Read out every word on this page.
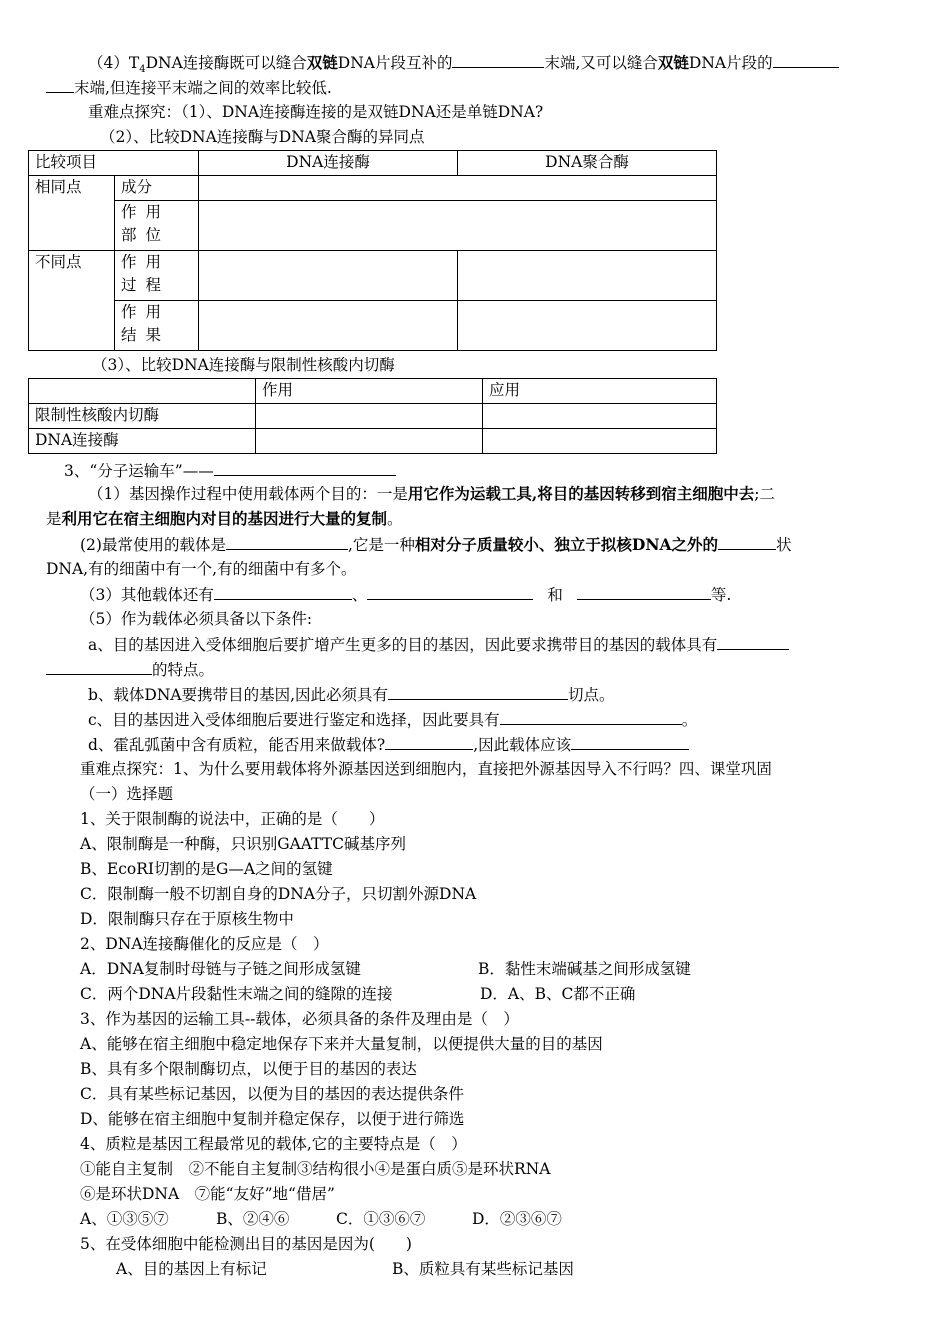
$(4)T_4DNA$连接酶既可以缝合双链DNA片段互补的	末端,又可以缝合双链DNA片段的
末端,但连接平末端之间的效率比较低.
重难点探究：（1）、DNA连接酶连接的是双链DNA还是单链DNA?
（2）、比较DNA连接酶与DNA聚合酶的异同点
比较项目		DNA连接酶	DNA聚合酶
相同点	成分		
	作用部位		
不同点	作用过程		
	作用结果		
（3）、比较DNA连接酶与限制性核酸内切酶
	作用	应用
限制性核酸内切酶		
DNA连接酶		
3、“分子运输车”——
（1）基因操作过程中使用载体两个目的：一是用它作为运载工具,将目的基因转移到宿主细胞中去;二
是利用它在宿主细胞内对目的基因进行大量的复制。
(2)最常使用的载体是	,它是一种相对分子质量较小、独立于拟核DNA之外的	状
DNA,有的细菌中有一个,有的细菌中有多个。
（3）其他载体还有	、	和	等.
（5）作为载体必须具备以下条件:
a、目的基因进入受体细胞后要扩增产生更多的目的基因，因此要求携带目的基因的载体具有
的特点。
b、载体DNA要携带目的基因,因此必须具有	切点。
c、目的基因进入受体细胞后要进行鉴定和选择，因此要具有	。
d、霍乱弧菌中含有质粒，能否用来做载体?	,因此载体应该
重难点探究：1、为什么要用载体将外源基因送到细胞内，直接把外源基因导入不行吗？四、课堂巩固
（一）选择题
1、关于限制酶的说法中，正确的是（　　）
A、限制酶是一种酶，只识别GAATTC碱基序列
B、EcoRI切割的是G—A之间的氢键
C．限制酶一般不切割自身的DNA分子，只切割外源DNA
D．限制酶只存在于原核生物中
2、DNA连接酶催化的反应是（　）
A．DNA复制时母链与子链之间形成氢键	B．黏性末端碱基之间形成氢键
C．两个DNA片段黏性末端之间的缝隙的连接	D．A、B、C都不正确
3、作为基因的运输工具--载体，必须具备的条件及理由是（　）
A、能够在宿主细胞中稳定地保存下来并大量复制，以便提供大量的目的基因
B、具有多个限制酶切点，以便于目的基因的表达
C．具有某些标记基因，以便为目的基因的表达提供条件
D、能够在宿主细胞中复制并稳定保存，以便于进行筛选
4、质粒是基因工程最常见的载体,它的主要特点是（　）
①能自主复制　②不能自主复制③结构很小④是蛋白质⑤是环状RNA
⑥是环状DNA　⑦能“友好”地“借居”
A、①③⑤⑦	B、②④⑥	C．①③⑥⑦	D．②③⑥⑦
5、在受体细胞中能检测出目的基因是因为(　　)
A、目的基因上有标记	B、质粒具有某些标记基因
